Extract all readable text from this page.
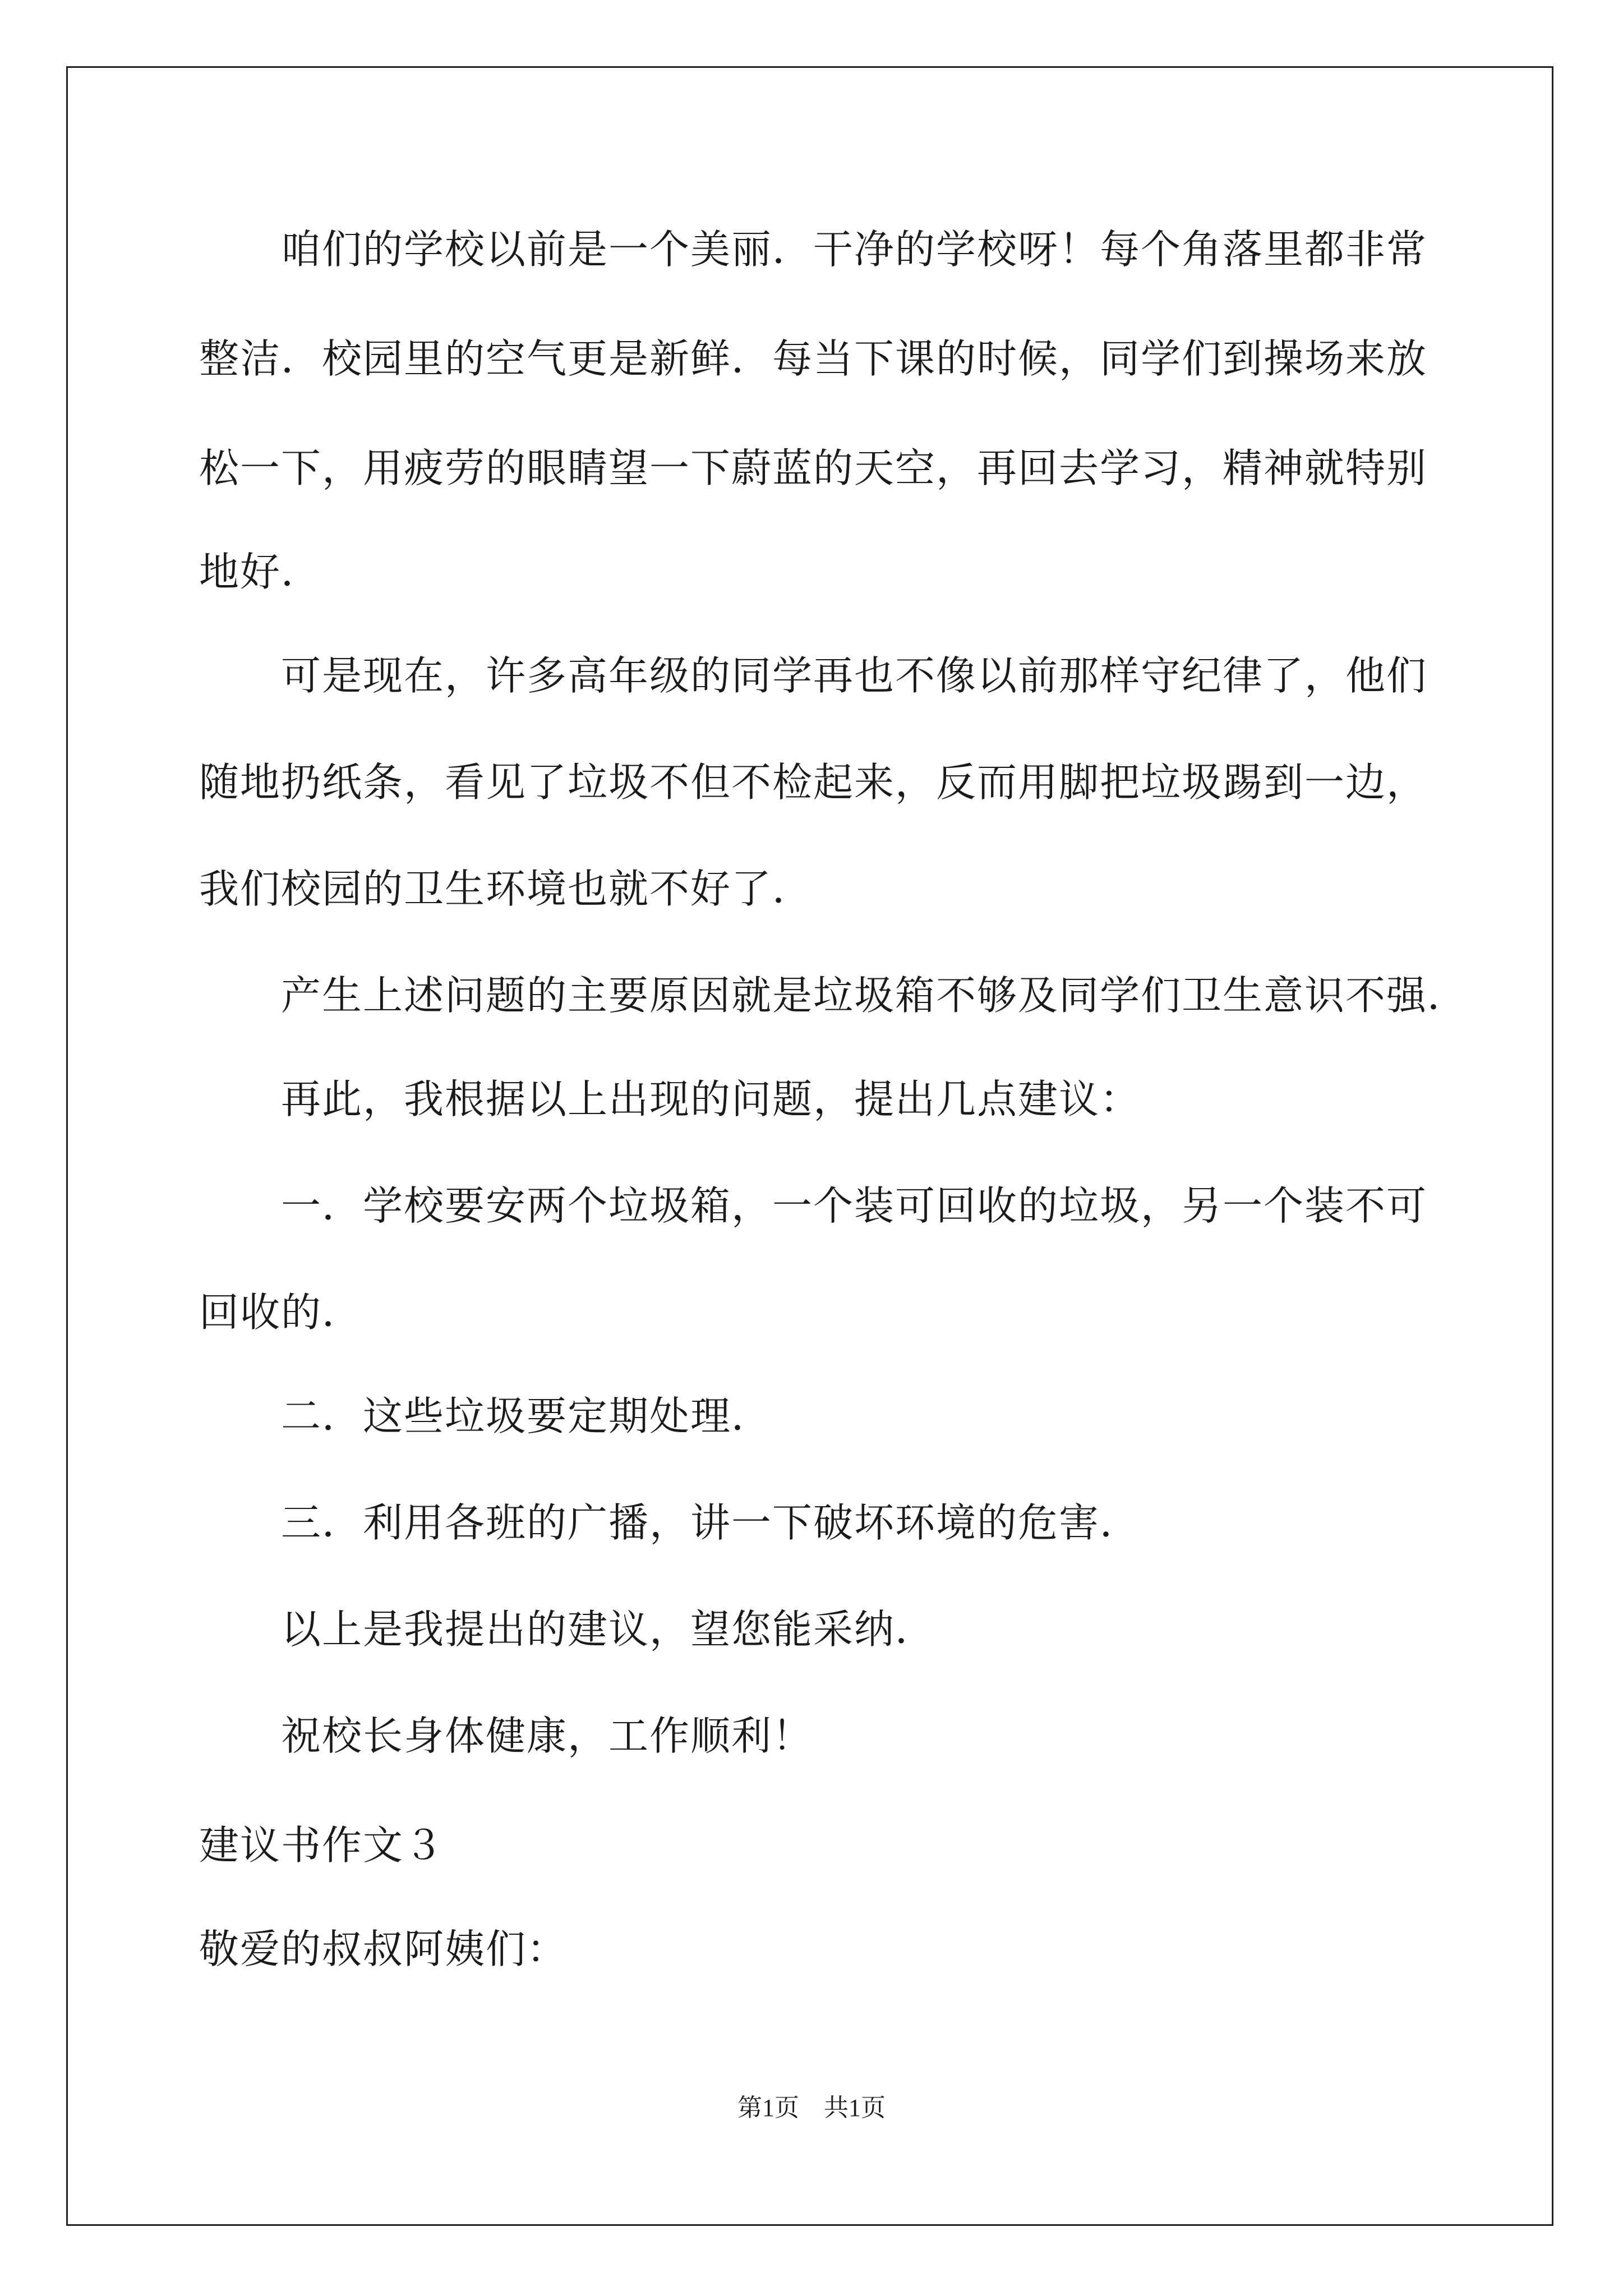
咱们的学校以前是一个美丽．干净的学校呀！每个角落里都非常
整洁．校园里的空气更是新鲜．每当下课的时候，同学们到操场来放
松一下，用疲劳的眼睛望一下蔚蓝的天空，再回去学习，精神就特别
地好．
可是现在，许多高年级的同学再也不像以前那样守纪律了，他们
随地扔纸条，看见了垃圾不但不检起来，反而用脚把垃圾踢到一边，
我们校园的卫生环境也就不好了．
产生上述问题的主要原因就是垃圾箱不够及同学们卫生意识不强．
再此，我根据以上出现的问题，提出几点建议：
一．学校要安两个垃圾箱，一个装可回收的垃圾，另一个装不可
回收的．
二．这些垃圾要定期处理．
三．利用各班的广播，讲一下破坏环境的危害．
以上是我提出的建议，望您能采纳．
祝校长身体健康，工作顺利！
建议书作文３
敬爱的叔叔阿姨们：
第1页　共1页
